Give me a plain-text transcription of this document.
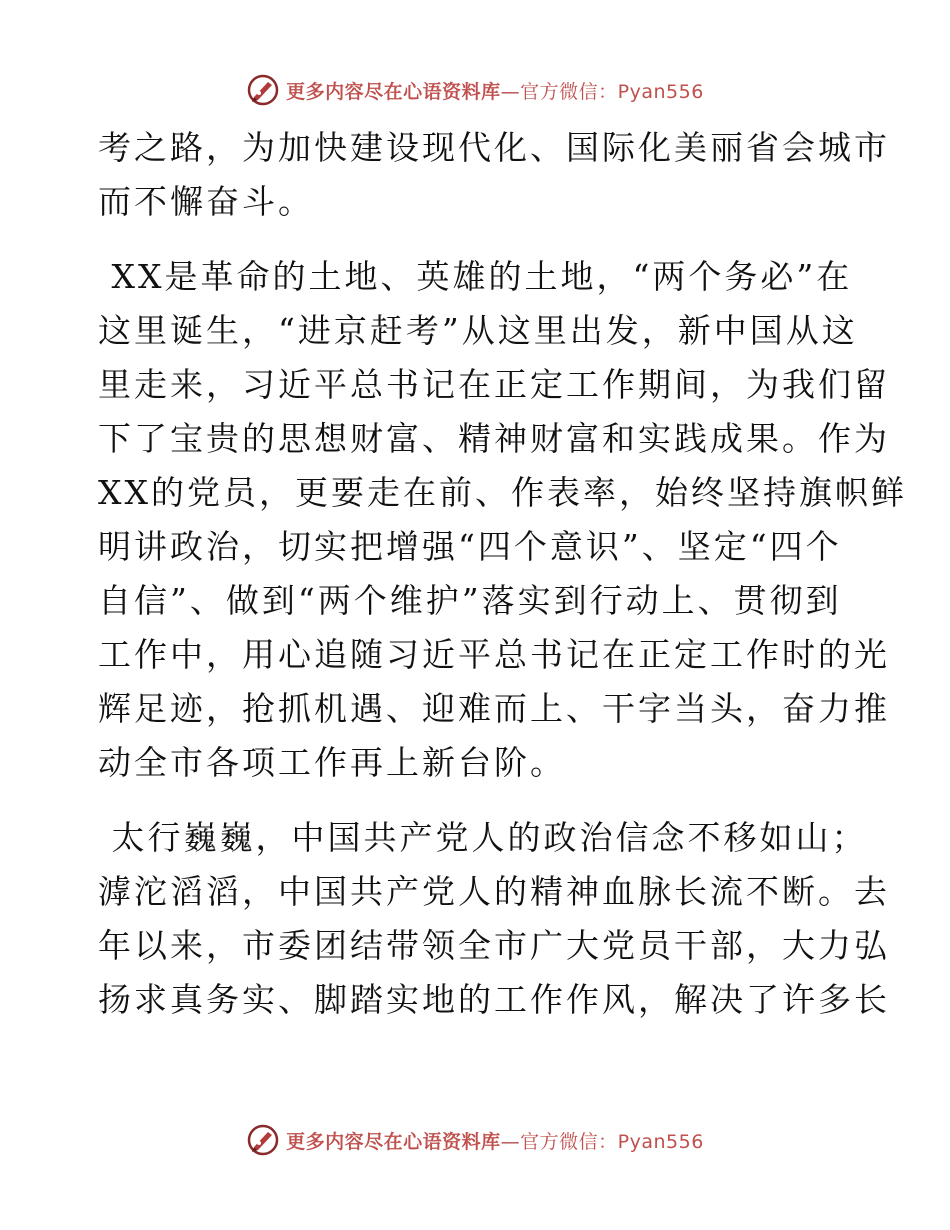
更多内容尽在心语资料库—官方微信：Pyan556
考之路，为加快建设现代化、国际化美丽省会城市
而不懈奋斗。
XX是革命的土地、英雄的土地，“两个务必”在
这里诞生，“进京赶考”从这里出发，新中国从这
里走来，习近平总书记在正定工作期间，为我们留
下了宝贵的思想财富、精神财富和实践成果。作为
XX的党员，更要走在前、作表率，始终坚持旗帜鲜
明讲政治，切实把增强“四个意识”、坚定“四个
自信”、做到“两个维护”落实到行动上、贯彻到
工作中，用心追随习近平总书记在正定工作时的光
辉足迹，抢抓机遇、迎难而上、干字当头，奋力推
动全市各项工作再上新台阶。
太行巍巍，中国共产党人的政治信念不移如山；
滹沱滔滔，中国共产党人的精神血脉长流不断。去
年以来，市委团结带领全市广大党员干部，大力弘
扬求真务实、脚踏实地的工作作风，解决了许多长
更多内容尽在心语资料库—官方微信：Pyan556
